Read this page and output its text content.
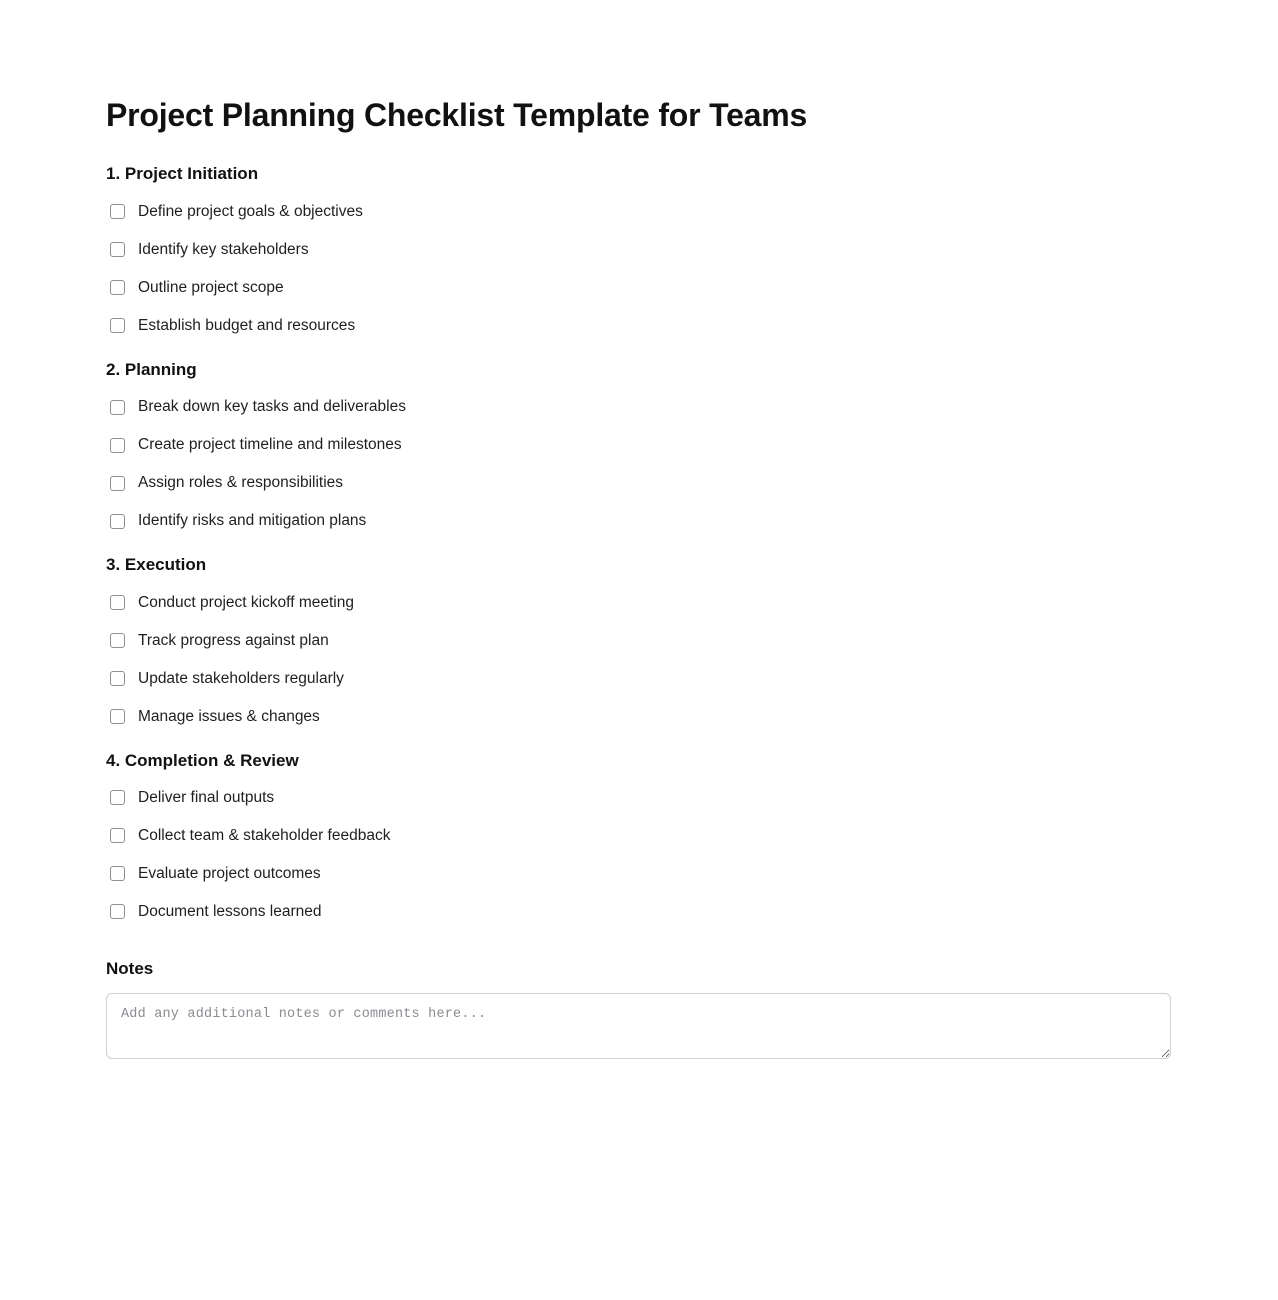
Project Planning Checklist Template for Teams
1. Project Initiation
Define project goals & objectives
Identify key stakeholders
Outline project scope
Establish budget and resources
2. Planning
Break down key tasks and deliverables
Create project timeline and milestones
Assign roles & responsibilities
Identify risks and mitigation plans
3. Execution
Conduct project kickoff meeting
Track progress against plan
Update stakeholders regularly
Manage issues & changes
4. Completion & Review
Deliver final outputs
Collect team & stakeholder feedback
Evaluate project outcomes
Document lessons learned
Notes
Add any additional notes or comments here...
